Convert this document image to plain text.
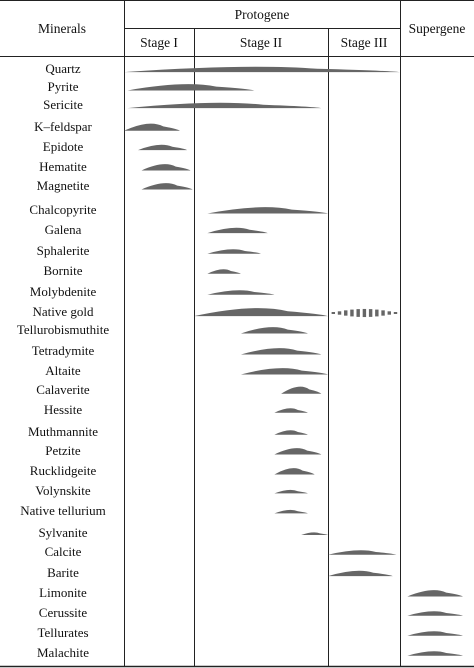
Minerals
Protogene
Supergene
Stage I	Stage II	Stage III
Quartz
Pyrite
Sericite
K–feldspar
Epidote
Hematite
Magnetite
Chalcopyrite
Galena
Sphalerite
Bornite
Molybdenite
Native gold
Tellurobismuthite
Tetradymite
Altaite
Calaverite
Hessite
Muthmannite
Petzite
Rucklidgeite
Volynskite
Native tellurium
Sylvanite
Calcite
Barite
Limonite
Cerussite
Tellurates
Malachite
